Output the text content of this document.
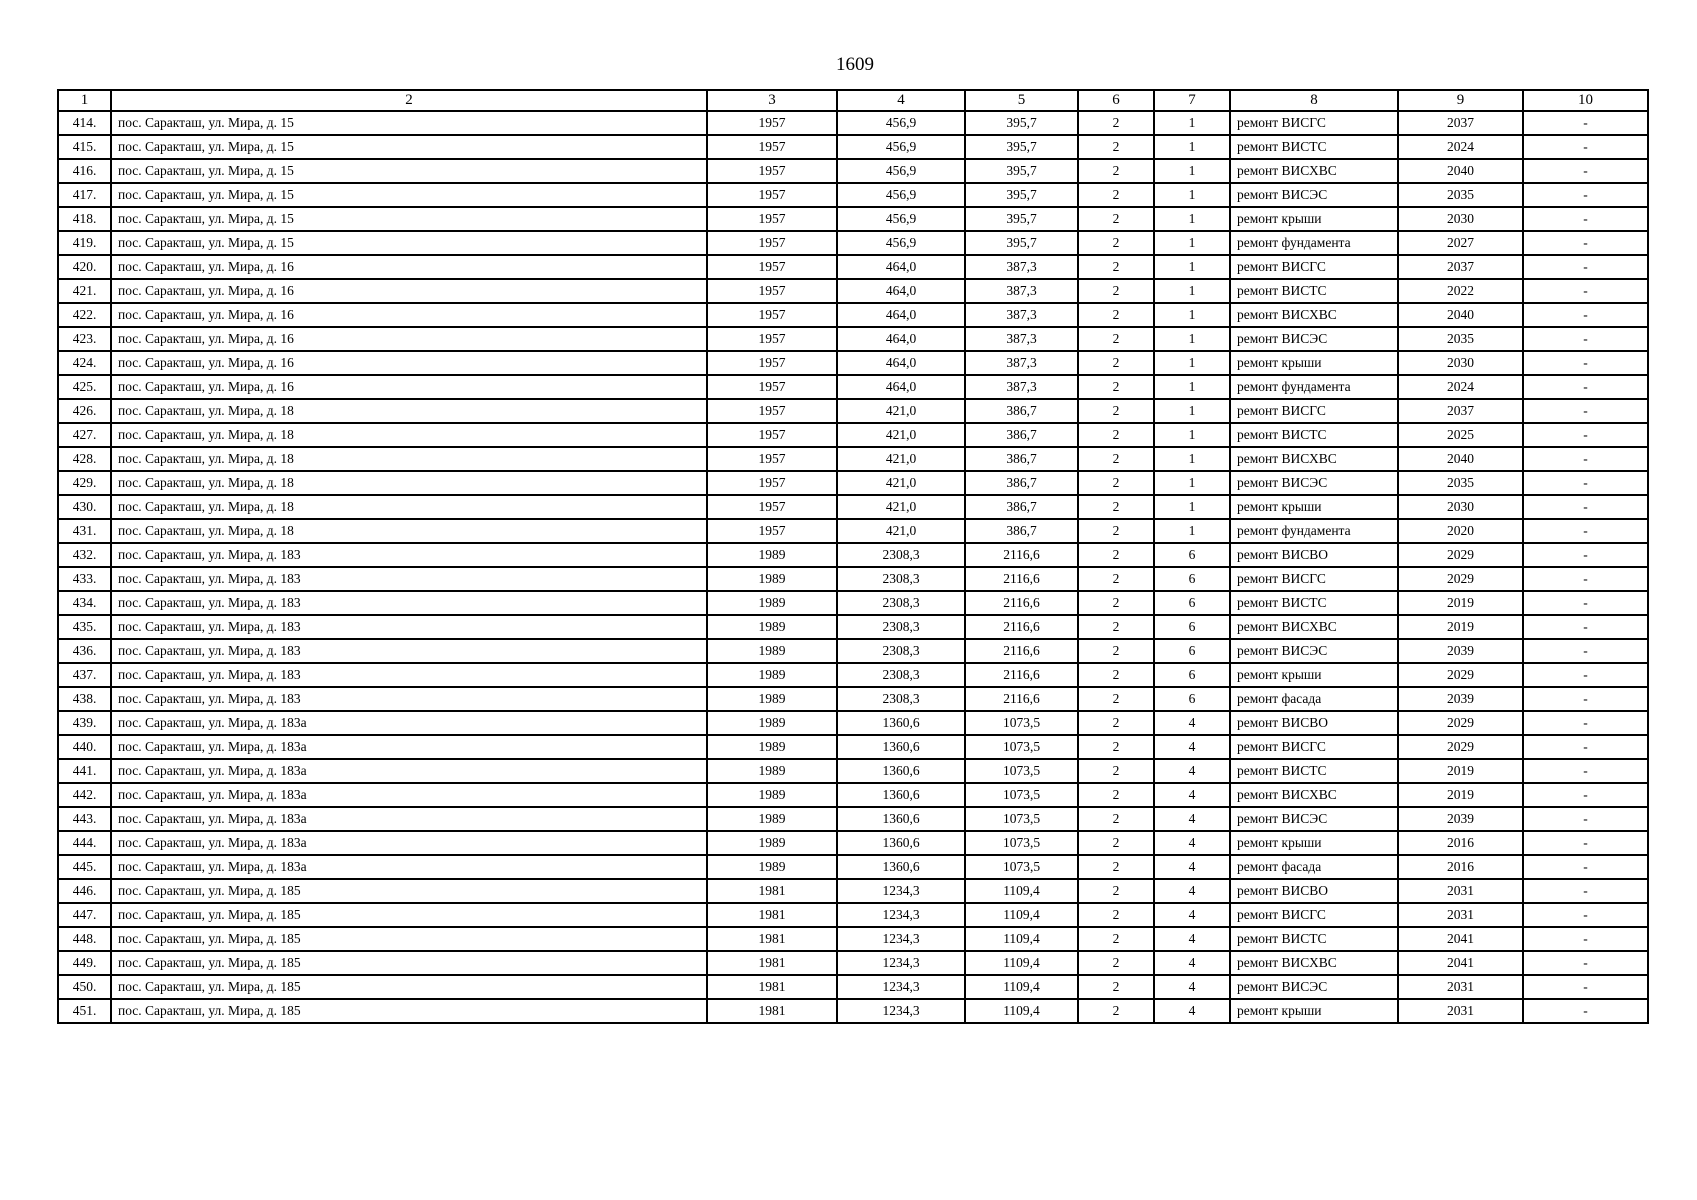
1609
1	2	3	4	5	6	7	8	9	10
414.	пос. Саракташ, ул. Мира, д. 15	1957	456,9	395,7	2	1	ремонт ВИСГС	2037	-
415.	пос. Саракташ, ул. Мира, д. 15	1957	456,9	395,7	2	1	ремонт ВИСТС	2024	-
416.	пос. Саракташ, ул. Мира, д. 15	1957	456,9	395,7	2	1	ремонт ВИСХВС	2040	-
417.	пос. Саракташ, ул. Мира, д. 15	1957	456,9	395,7	2	1	ремонт ВИСЭС	2035	-
418.	пос. Саракташ, ул. Мира, д. 15	1957	456,9	395,7	2	1	ремонт крыши	2030	-
419.	пос. Саракташ, ул. Мира, д. 15	1957	456,9	395,7	2	1	ремонт фундамента	2027	-
420.	пос. Саракташ, ул. Мира, д. 16	1957	464,0	387,3	2	1	ремонт ВИСГС	2037	-
421.	пос. Саракташ, ул. Мира, д. 16	1957	464,0	387,3	2	1	ремонт ВИСТС	2022	-
422.	пос. Саракташ, ул. Мира, д. 16	1957	464,0	387,3	2	1	ремонт ВИСХВС	2040	-
423.	пос. Саракташ, ул. Мира, д. 16	1957	464,0	387,3	2	1	ремонт ВИСЭС	2035	-
424.	пос. Саракташ, ул. Мира, д. 16	1957	464,0	387,3	2	1	ремонт крыши	2030	-
425.	пос. Саракташ, ул. Мира, д. 16	1957	464,0	387,3	2	1	ремонт фундамента	2024	-
426.	пос. Саракташ, ул. Мира, д. 18	1957	421,0	386,7	2	1	ремонт ВИСГС	2037	-
427.	пос. Саракташ, ул. Мира, д. 18	1957	421,0	386,7	2	1	ремонт ВИСТС	2025	-
428.	пос. Саракташ, ул. Мира, д. 18	1957	421,0	386,7	2	1	ремонт ВИСХВС	2040	-
429.	пос. Саракташ, ул. Мира, д. 18	1957	421,0	386,7	2	1	ремонт ВИСЭС	2035	-
430.	пос. Саракташ, ул. Мира, д. 18	1957	421,0	386,7	2	1	ремонт крыши	2030	-
431.	пос. Саракташ, ул. Мира, д. 18	1957	421,0	386,7	2	1	ремонт фундамента	2020	-
432.	пос. Саракташ, ул. Мира, д. 183	1989	2308,3	2116,6	2	6	ремонт ВИСВО	2029	-
433.	пос. Саракташ, ул. Мира, д. 183	1989	2308,3	2116,6	2	6	ремонт ВИСГС	2029	-
434.	пос. Саракташ, ул. Мира, д. 183	1989	2308,3	2116,6	2	6	ремонт ВИСТС	2019	-
435.	пос. Саракташ, ул. Мира, д. 183	1989	2308,3	2116,6	2	6	ремонт ВИСХВС	2019	-
436.	пос. Саракташ, ул. Мира, д. 183	1989	2308,3	2116,6	2	6	ремонт ВИСЭС	2039	-
437.	пос. Саракташ, ул. Мира, д. 183	1989	2308,3	2116,6	2	6	ремонт крыши	2029	-
438.	пос. Саракташ, ул. Мира, д. 183	1989	2308,3	2116,6	2	6	ремонт фасада	2039	-
439.	пос. Саракташ, ул. Мира, д. 183а	1989	1360,6	1073,5	2	4	ремонт ВИСВО	2029	-
440.	пос. Саракташ, ул. Мира, д. 183а	1989	1360,6	1073,5	2	4	ремонт ВИСГС	2029	-
441.	пос. Саракташ, ул. Мира, д. 183а	1989	1360,6	1073,5	2	4	ремонт ВИСТС	2019	-
442.	пос. Саракташ, ул. Мира, д. 183а	1989	1360,6	1073,5	2	4	ремонт ВИСХВС	2019	-
443.	пос. Саракташ, ул. Мира, д. 183а	1989	1360,6	1073,5	2	4	ремонт ВИСЭС	2039	-
444.	пос. Саракташ, ул. Мира, д. 183а	1989	1360,6	1073,5	2	4	ремонт крыши	2016	-
445.	пос. Саракташ, ул. Мира, д. 183а	1989	1360,6	1073,5	2	4	ремонт фасада	2016	-
446.	пос. Саракташ, ул. Мира, д. 185	1981	1234,3	1109,4	2	4	ремонт ВИСВО	2031	-
447.	пос. Саракташ, ул. Мира, д. 185	1981	1234,3	1109,4	2	4	ремонт ВИСГС	2031	-
448.	пос. Саракташ, ул. Мира, д. 185	1981	1234,3	1109,4	2	4	ремонт ВИСТС	2041	-
449.	пос. Саракташ, ул. Мира, д. 185	1981	1234,3	1109,4	2	4	ремонт ВИСХВС	2041	-
450.	пос. Саракташ, ул. Мира, д. 185	1981	1234,3	1109,4	2	4	ремонт ВИСЭС	2031	-
451.	пос. Саракташ, ул. Мира, д. 185	1981	1234,3	1109,4	2	4	ремонт крыши	2031	-
